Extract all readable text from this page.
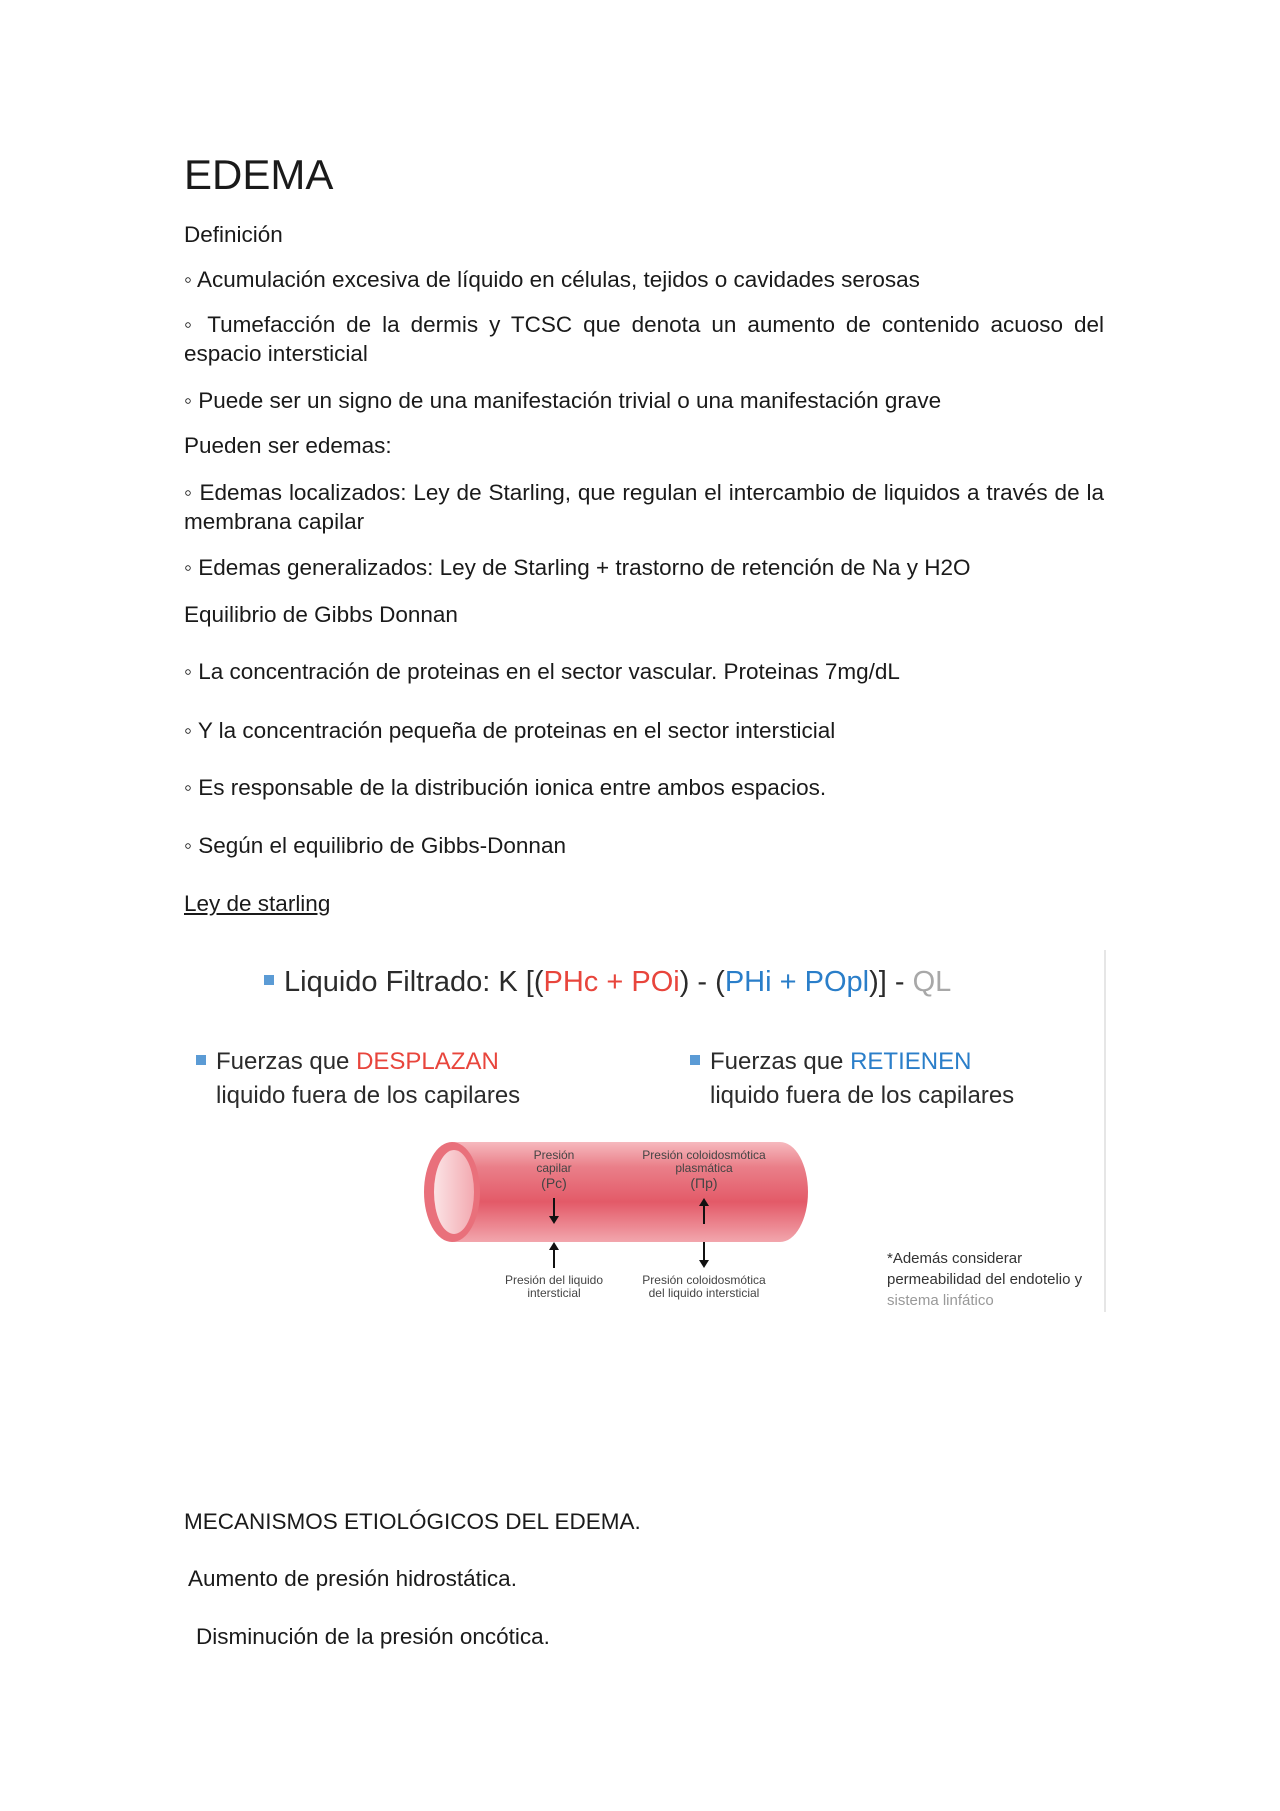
EDEMA
Definición
◦ Acumulación excesiva de líquido en células, tejidos o cavidades serosas
◦ Tumefacción de la dermis y TCSC que denota un aumento de contenido acuoso del espacio intersticial
◦ Puede ser un signo de una manifestación trivial o una manifestación grave
Pueden ser edemas:
◦ Edemas localizados: Ley de Starling, que regulan el intercambio de liquidos a través de la membrana capilar
◦ Edemas generalizados: Ley de Starling + trastorno de retención de Na y H2O
Equilibrio de Gibbs Donnan
◦ La concentración de proteinas en el sector vascular. Proteinas 7mg/dL
◦ Y la concentración pequeña de proteinas en el sector intersticial
◦ Es responsable de la distribución ionica entre ambos espacios.
◦ Según el equilibrio de Gibbs-Donnan
Ley de starling
Liquido Filtrado: K [(PHc + POi) - (PHi + POpl)] - QL
Fuerzas que DESPLAZAN
liquido fuera de los capilares
Fuerzas que RETIENEN
liquido fuera de los capilares
Presión
capilar
(Pc)
Presión coloidosmótica
plasmática
(Πp)
Presión del liquido
intersticial
Presión coloidosmótica
del liquido intersticial
*Además considerar
permeabilidad del endotelio y
sistema linfático
MECANISMOS ETIOLÓGICOS DEL EDEMA.
Aumento de presión hidrostática.
Disminución de la presión oncótica.
